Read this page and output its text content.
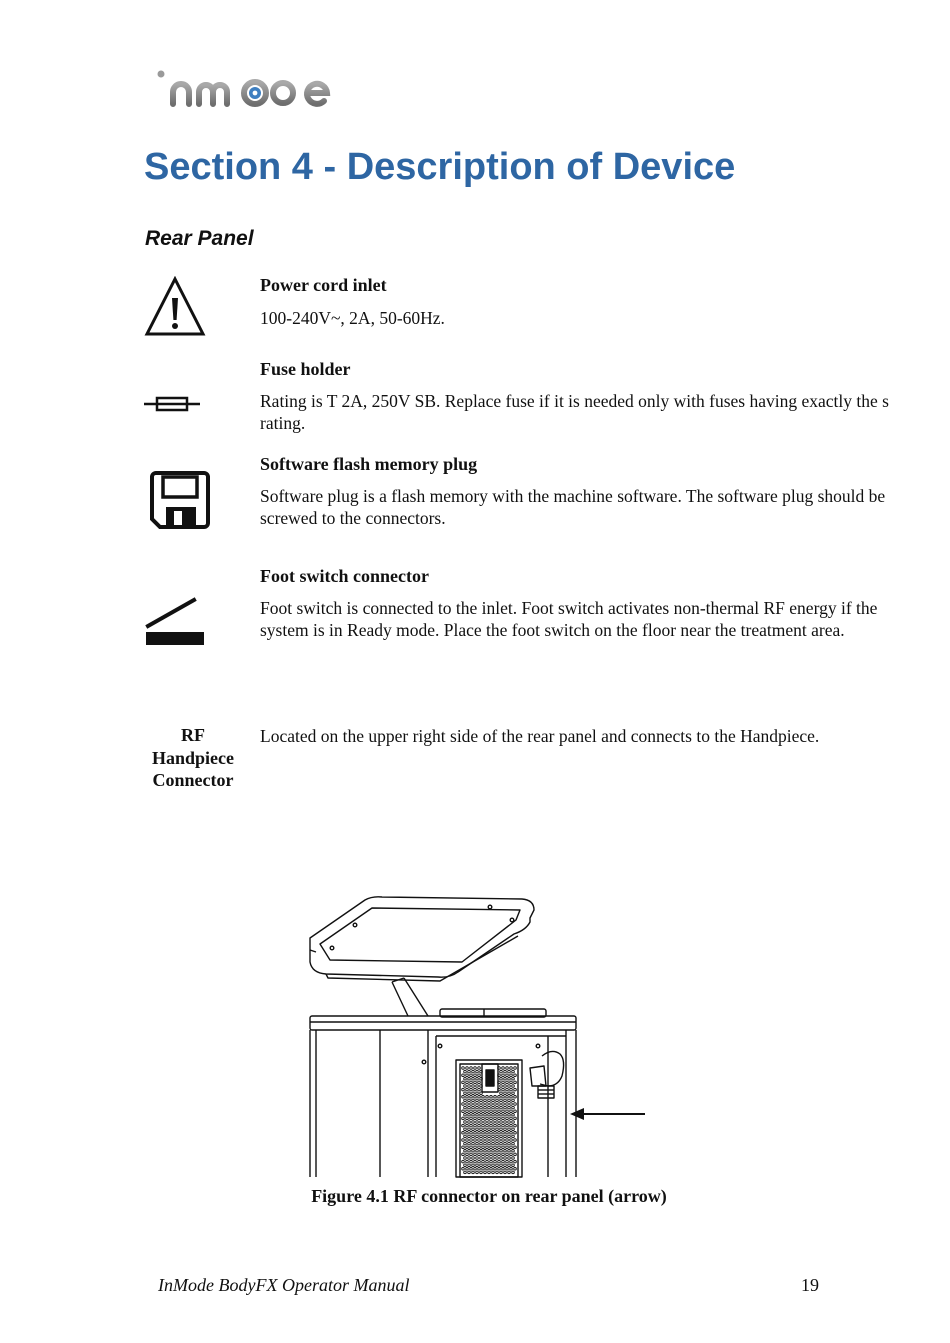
Section 4 - Description of Device
Rear Panel

Power cord inlet

100-240V~, 2A, 50-60Hz.

Fuse holder

Rating is T 2A, 250V SB. Replace fuse if it is needed only with fuses having exactly the s

rating.

Software flash memory plug

Software plug is a flash memory with the machine software. The software plug should be

screwed to the connectors.

Foot switch connector

Foot switch is connected to the inlet. Foot switch activates non-thermal RF energy if the

system is in Ready mode. Place the foot switch on the floor near the treatment area.

RF
Handpiece
Connector

Located on the upper right side of the rear panel and connects to the Handpiece.

Figure 4.1 RF connector on rear panel (arrow)

InMode BodyFX Operator Manual	19
